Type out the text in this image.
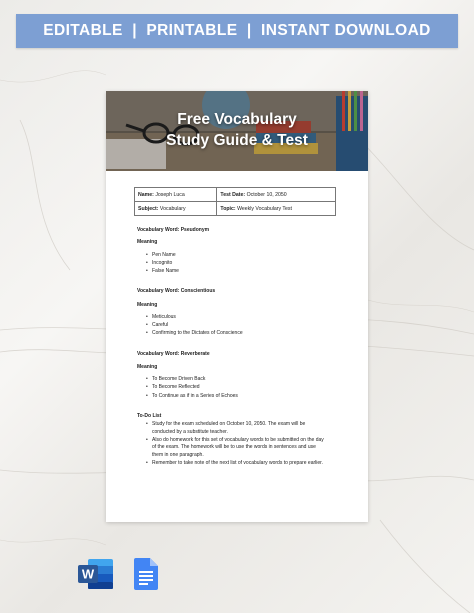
EDITABLE  |  PRINTABLE  |  INSTANT DOWNLOAD
Free Vocabulary
Study Guide & Test
Name: Joseph Luca	Test Date: October 10, 2050
Subject: Vocabulary	Topic: Weekly Vocabulary Test
Vocabulary Word: Pseudonym
Meaning
• Pen Name
• Incognito
• False Name
Vocabulary Word: Conscientious
Meaning
• Meticulous
• Careful
• Confirming to the Dictates of Conscience
Vocabulary Word: Reverberate
Meaning
• To Become Driven Back
• To Become Reflected
• To Continue as if in a Series of Echoes
To-Do List
• Study for the exam scheduled on October 10, 2050. The exam will be conducted by a substitute teacher.
• Also do homework for this set of vocabulary words to be submitted on the day of the exam. The homework will be to use the words in sentences and use them in one paragraph.
• Remember to take note of the next list of vocabulary words to prepare earlier.
W
